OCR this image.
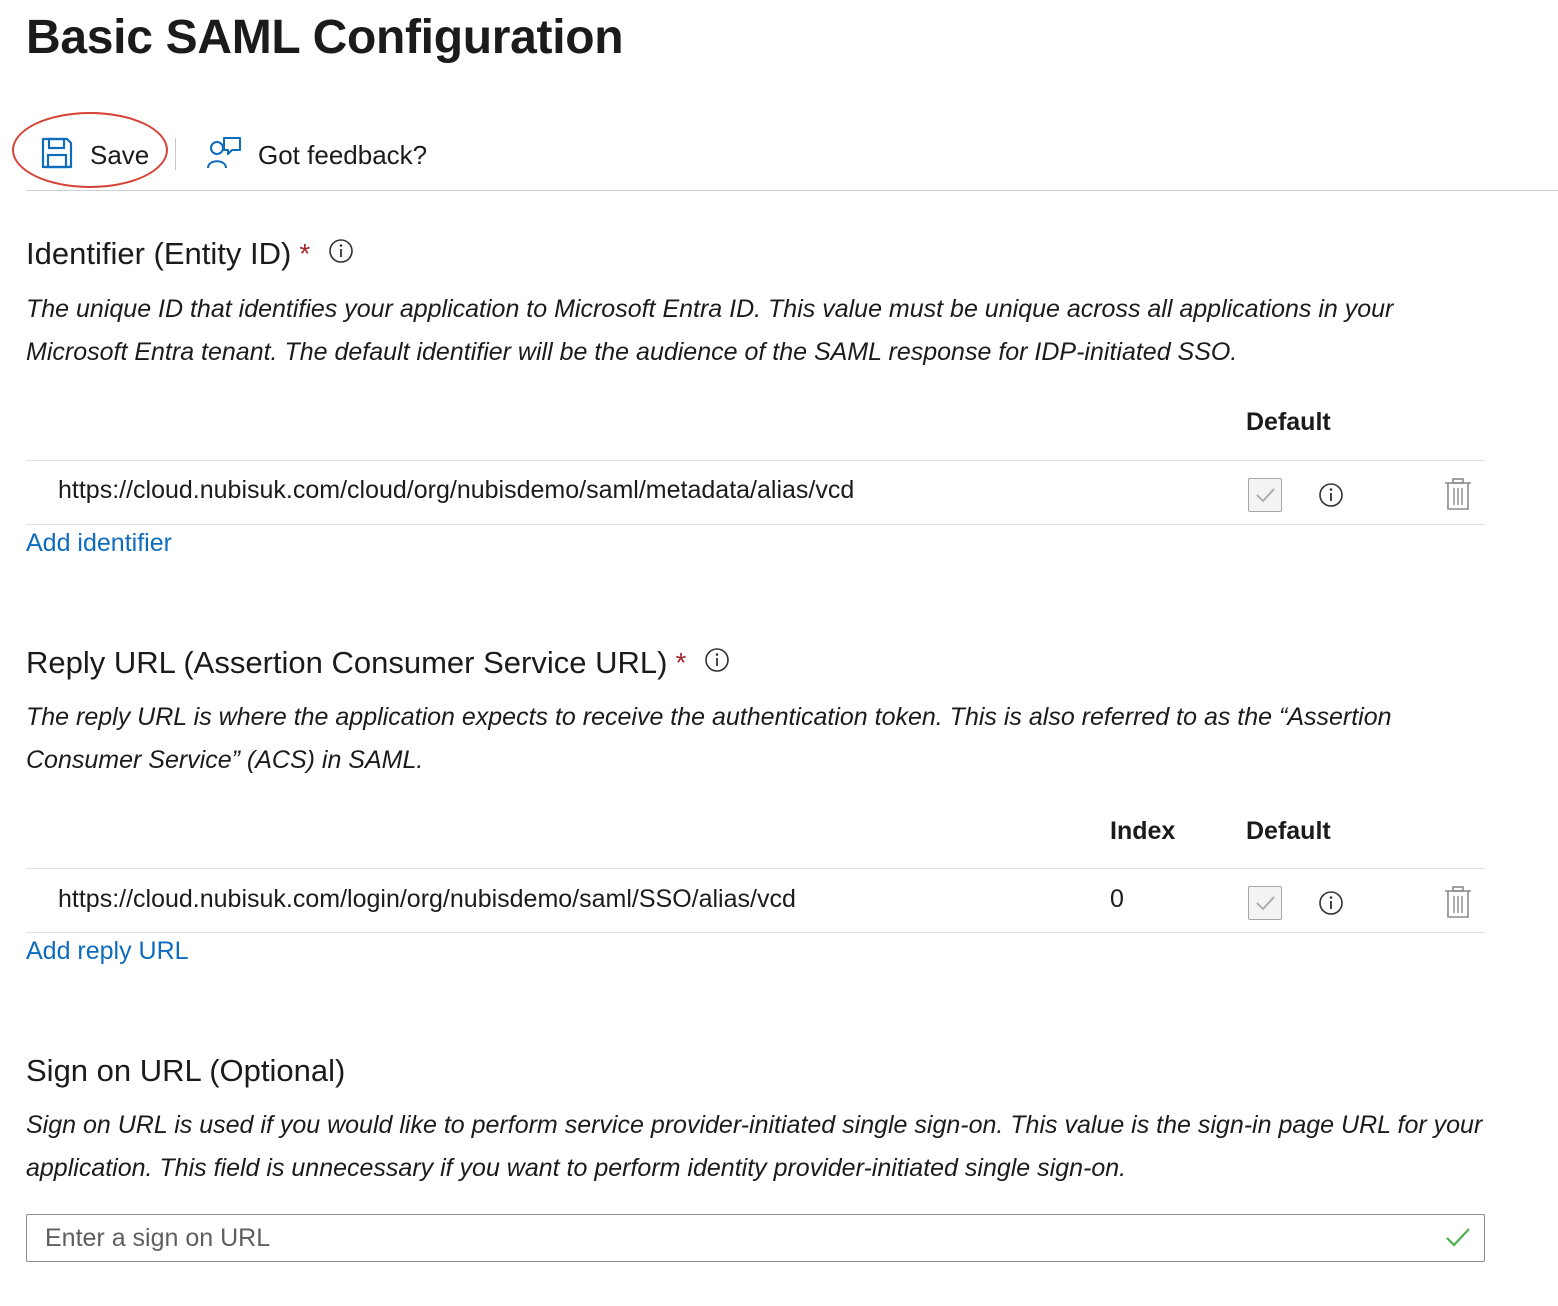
Basic SAML Configuration
Save	Got feedback?
Identifier (Entity ID) *
The unique ID that identifies your application to Microsoft Entra ID. This value must be unique across all applications in your Microsoft Entra tenant. The default identifier will be the audience of the SAML response for IDP-initiated SSO.
Default
https://cloud.nubisuk.com/cloud/org/nubisdemo/saml/metadata/alias/vcd
Add identifier
Reply URL (Assertion Consumer Service URL) *
The reply URL is where the application expects to receive the authentication token. This is also referred to as the “Assertion Consumer Service” (ACS) in SAML.
Index	Default
https://cloud.nubisuk.com/login/org/nubisdemo/saml/SSO/alias/vcd	0
Add reply URL
Sign on URL (Optional)
Sign on URL is used if you would like to perform service provider-initiated single sign-on. This value is the sign-in page URL for your application. This field is unnecessary if you want to perform identity provider-initiated single sign-on.
Enter a sign on URL
